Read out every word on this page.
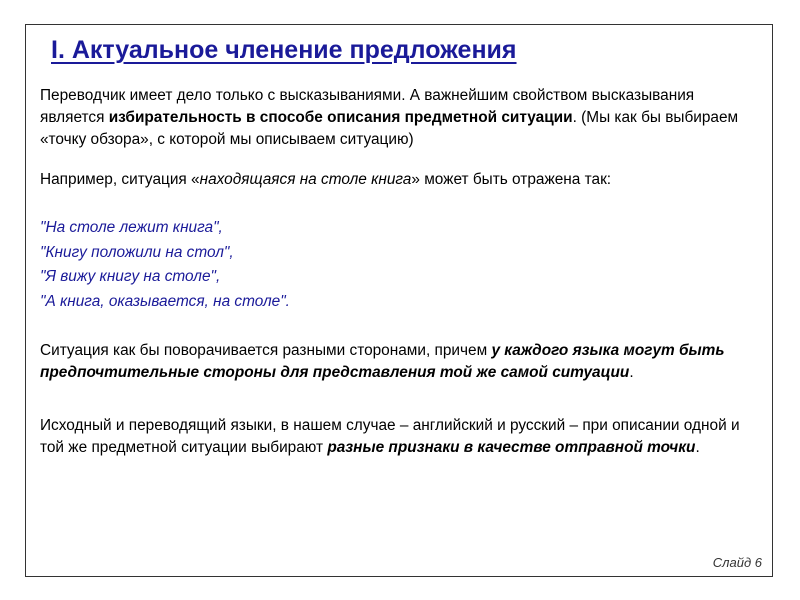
I. Актуальное членение предложения

Переводчик имеет дело только с высказываниями. А важнейшим свойством высказывания является избирательность в способе описания предметной ситуации. (Мы как бы выбираем «точку обзора», с которой мы описываем ситуацию)

Например, ситуация «находящаяся на столе книга» может быть отражена так:

"На столе лежит книга",

"Книгу положили на стол",

"Я вижу книгу на столе",

"А книга, оказывается, на столе".

Ситуация как бы поворачивается разными сторонами, причем у каждого языка могут быть предпочтительные стороны для представления той же самой ситуации.

Исходный и переводящий языки, в нашем случае – английский и русский – при описании одной и той же предметной ситуации выбирают разные признаки в качестве отправной точки.

Слайд 6
